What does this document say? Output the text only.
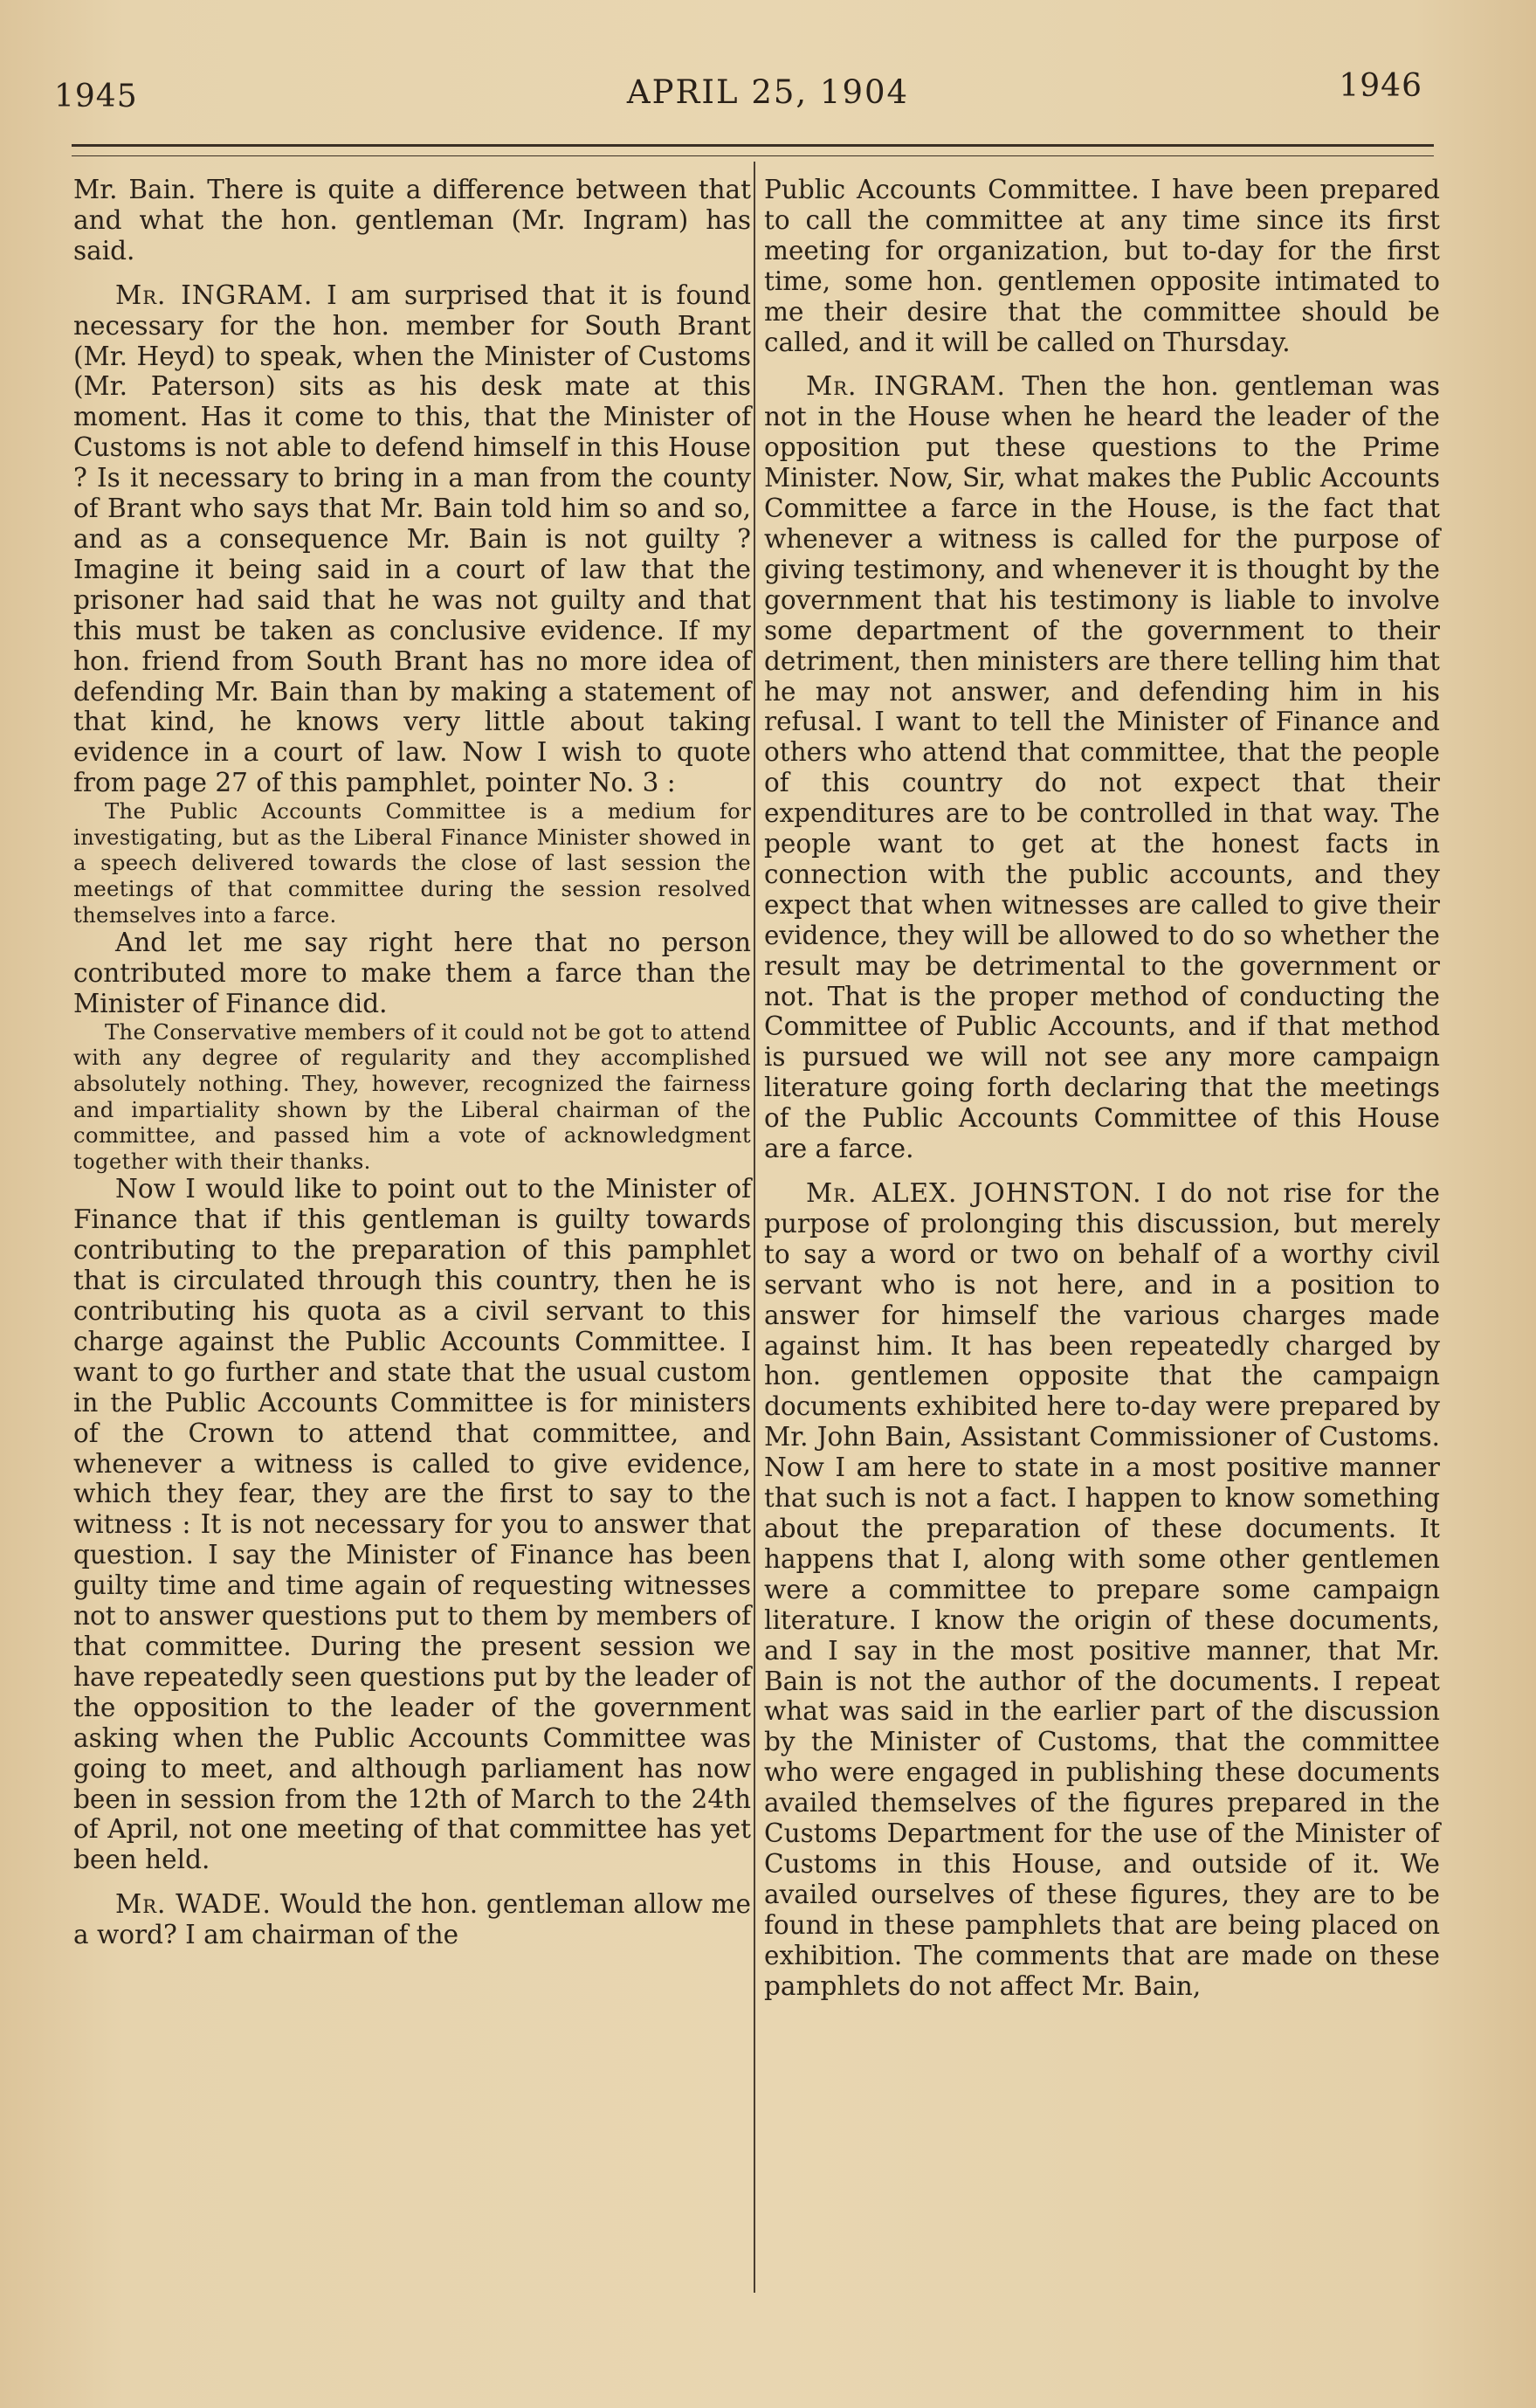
1945	APRIL 25, 1904	1946

Mr. Bain. There is quite a difference between that and what the hon. gentleman (Mr. Ingram) has said.

Mr. INGRAM. I am surprised that it is found necessary for the hon. member for South Brant (Mr. Heyd) to speak, when the Minister of Customs (Mr. Paterson) sits as his desk mate at this moment. Has it come to this, that the Minister of Customs is not able to defend himself in this House ? Is it necessary to bring in a man from the county of Brant who says that Mr. Bain told him so and so, and as a consequence Mr. Bain is not guilty ? Imagine it being said in a court of law that the prisoner had said that he was not guilty and that this must be taken as conclusive evidence. If my hon. friend from South Brant has no more idea of defending Mr. Bain than by making a statement of that kind, he knows very little about taking evidence in a court of law. Now I wish to quote from page 27 of this pamphlet, pointer No. 3 :

The Public Accounts Committee is a medium for investigating, but as the Liberal Finance Minister showed in a speech delivered towards the close of last session the meetings of that committee during the session resolved themselves into a farce.

And let me say right here that no person contributed more to make them a farce than the Minister of Finance did.

The Conservative members of it could not be got to attend with any degree of regularity and they accomplished absolutely nothing. They, however, recognized the fairness and impartiality shown by the Liberal chairman of the committee, and passed him a vote of acknowledgment together with their thanks.

Now I would like to point out to the Minister of Finance that if this gentleman is guilty towards contributing to the preparation of this pamphlet that is circulated through this country, then he is contributing his quota as a civil servant to this charge against the Public Accounts Committee. I want to go further and state that the usual custom in the Public Accounts Committee is for ministers of the Crown to attend that committee, and whenever a witness is called to give evidence, which they fear, they are the first to say to the witness : It is not necessary for you to answer that question. I say the Minister of Finance has been guilty time and time again of requesting witnesses not to answer questions put to them by members of that committee. During the present session we have repeatedly seen questions put by the leader of the opposition to the leader of the government asking when the Public Accounts Committee was going to meet, and although parliament has now been in session from the 12th of March to the 24th of April, not one meeting of that committee has yet been held.

Mr. WADE. Would the hon. gentleman allow me a word? I am chairman of the

Public Accounts Committee. I have been prepared to call the committee at any time since its first meeting for organization, but to-day for the first time, some hon. gentlemen opposite intimated to me their desire that the committee should be called, and it will be called on Thursday.

Mr. INGRAM. Then the hon. gentleman was not in the House when he heard the leader of the opposition put these questions to the Prime Minister. Now, Sir, what makes the Public Accounts Committee a farce in the House, is the fact that whenever a witness is called for the purpose of giving testimony, and whenever it is thought by the government that his testimony is liable to involve some department of the government to their detriment, then ministers are there telling him that he may not answer, and defending him in his refusal. I want to tell the Minister of Finance and others who attend that committee, that the people of this country do not expect that their expenditures are to be controlled in that way. The people want to get at the honest facts in connection with the public accounts, and they expect that when witnesses are called to give their evidence, they will be allowed to do so whether the result may be detrimental to the government or not. That is the proper method of conducting the Committee of Public Accounts, and if that method is pursued we will not see any more campaign literature going forth declaring that the meetings of the Public Accounts Committee of this House are a farce.

Mr. ALEX. JOHNSTON. I do not rise for the purpose of prolonging this discussion, but merely to say a word or two on behalf of a worthy civil servant who is not here, and in a position to answer for himself the various charges made against him. It has been repeatedly charged by hon. gentlemen opposite that the campaign documents exhibited here to-day were prepared by Mr. John Bain, Assistant Commissioner of Customs. Now I am here to state in a most positive manner that such is not a fact. I happen to know something about the preparation of these documents. It happens that I, along with some other gentlemen were a committee to prepare some campaign literature. I know the origin of these documents, and I say in the most positive manner, that Mr. Bain is not the author of the documents. I repeat what was said in the earlier part of the discussion by the Minister of Customs, that the committee who were engaged in publishing these documents availed themselves of the figures prepared in the Customs Department for the use of the Minister of Customs in this House, and outside of it. We availed ourselves of these figures, they are to be found in these pamphlets that are being placed on exhibition. The comments that are made on these pamphlets do not affect Mr. Bain,
